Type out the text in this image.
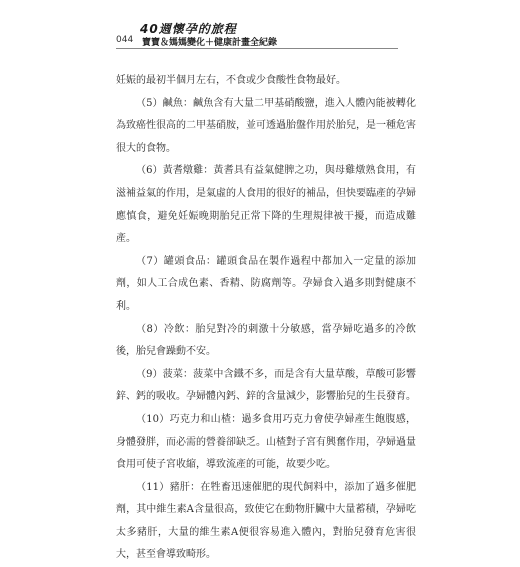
40週懷孕的旅程
044 寶寶＆媽媽變化＋健康計畫全紀錄

妊娠的最初半個月左右，不食或少食酸性食物最好。

（5）鹹魚：鹹魚含有大量二甲基硝酸鹽，進入人體內能被轉化為致癌性很高的二甲基硝胺，並可透過胎盤作用於胎兒，是一種危害很大的食物。

（6）黃耆燉雞：黃耆具有益氣健脾之功，與母雞燉熟食用，有滋補益氣的作用，是氣虛的人食用的很好的補品，但快要臨產的孕婦應慎食，避免妊娠晚期胎兒正常下降的生理規律被干擾，而造成難產。

（7）罐頭食品：罐頭食品在製作過程中都加入一定量的添加劑，如人工合成色素、香精、防腐劑等。孕婦食入過多則對健康不利。

（8）冷飲：胎兒對冷的刺激十分敏感，當孕婦吃過多的冷飲後，胎兒會躁動不安。

（9）菠菜：菠菜中含鐵不多，而是含有大量草酸，草酸可影響鋅、鈣的吸收。孕婦體內鈣、鋅的含量減少，影響胎兒的生長發育。

（10）巧克力和山楂：過多食用巧克力會使孕婦產生飽腹感，身體發胖，而必需的營養卻缺乏。山楂對子宮有興奮作用，孕婦過量食用可使子宮收縮，導致流產的可能，故要少吃。

（11）豬肝：在牲畜迅速催肥的現代飼料中，添加了過多催肥劑，其中維生素A含量很高，致使它在動物肝臟中大量蓄積，孕婦吃太多豬肝，大量的維生素A便很容易進入體內，對胎兒發育危害很大，甚至會導致畸形。
